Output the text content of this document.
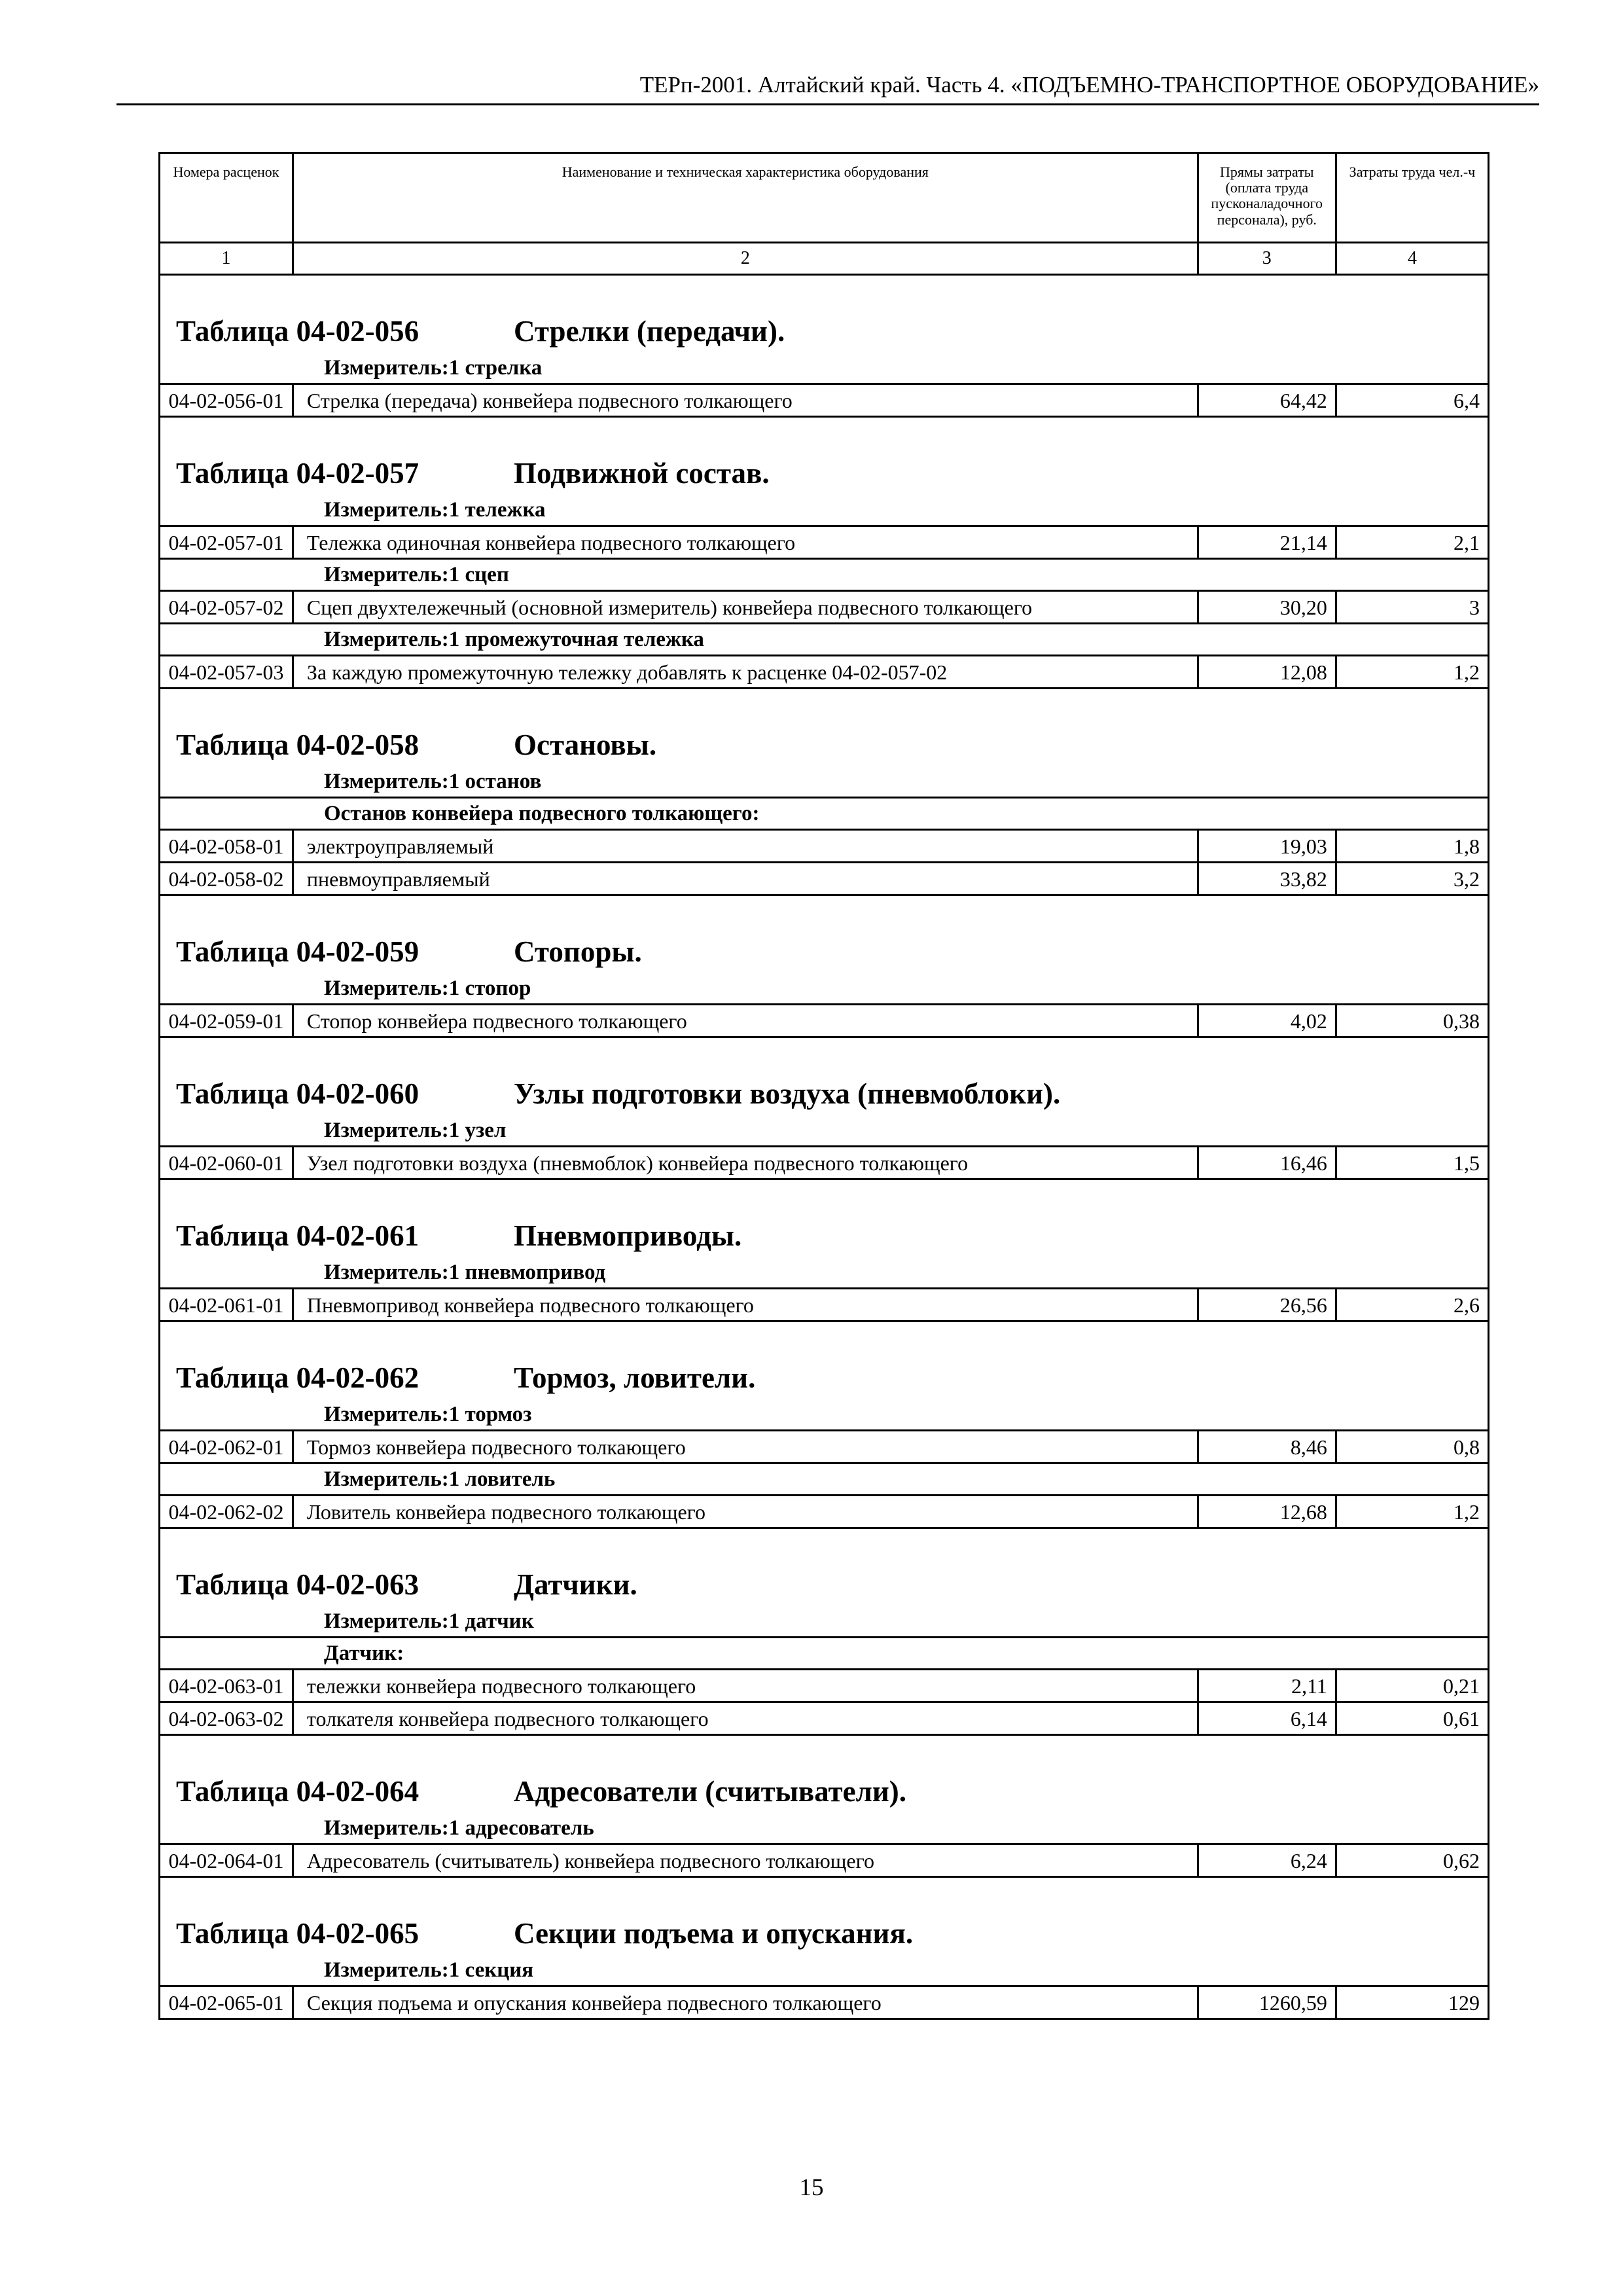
ТЕРп-2001. Алтайский край. Часть 4. «ПОДЪЕМНО-ТРАНСПОРТНОЕ ОБОРУДОВАНИЕ»
Номера расценок	Наименование и техническая характеристика оборудования	Прямы затраты (оплата труда пусконаладочного персонала), руб.	Затраты труда чел.-ч
1	2	3	4

Таблица 04-02-056 Стрелки (передачи).			

Измеритель:1 стрелка			
04-02-056-01	Стрелка (передача) конвейера подвесного толкающего	64,42	6,4

Таблица 04-02-057 Подвижной состав.			

Измеритель:1 тележка			
04-02-057-01	Тележка одиночная конвейера подвесного толкающего	21,14	2,1
Измеритель:1 сцеп			
04-02-057-02	Сцеп двухтележечный (основной измеритель) конвейера подвесного толкающего	30,20	3
Измеритель:1 промежуточная тележка			
04-02-057-03	За каждую промежуточную тележку добавлять к расценке 04-02-057-02	12,08	1,2

Таблица 04-02-058 Остановы.			

Измеритель:1 останов			
Останов конвейера подвесного толкающего:			
04-02-058-01	электроуправляемый	19,03	1,8
04-02-058-02	пневмоуправляемый	33,82	3,2

Таблица 04-02-059 Стопоры.			

Измеритель:1 стопор			
04-02-059-01	Стопор конвейера подвесного толкающего	4,02	0,38

Таблица 04-02-060 Узлы подготовки воздуха (пневмоблоки).			

Измеритель:1 узел			
04-02-060-01	Узел подготовки воздуха (пневмоблок) конвейера подвесного толкающего	16,46	1,5

Таблица 04-02-061 Пневмоприводы.			

Измеритель:1 пневмопривод			
04-02-061-01	Пневмопривод конвейера подвесного толкающего	26,56	2,6

Таблица 04-02-062 Тормоз, ловители.			

Измеритель:1 тормоз			
04-02-062-01	Тормоз конвейера подвесного толкающего	8,46	0,8
Измеритель:1 ловитель			
04-02-062-02	Ловитель конвейера подвесного толкающего	12,68	1,2

Таблица 04-02-063 Датчики.			

Измеритель:1 датчик			
Датчик:			
04-02-063-01	тележки конвейера подвесного толкающего	2,11	0,21
04-02-063-02	толкателя конвейера подвесного толкающего	6,14	0,61

Таблица 04-02-064 Адресователи (считыватели).			

Измеритель:1 адресователь			
04-02-064-01	Адресователь (считыватель) конвейера подвесного толкающего	6,24	0,62

Таблица 04-02-065 Секции подъема и опускания.			

Измеритель:1 секция			
04-02-065-01	Секция подъема и опускания конвейера подвесного толкающего	1260,59	129
15
